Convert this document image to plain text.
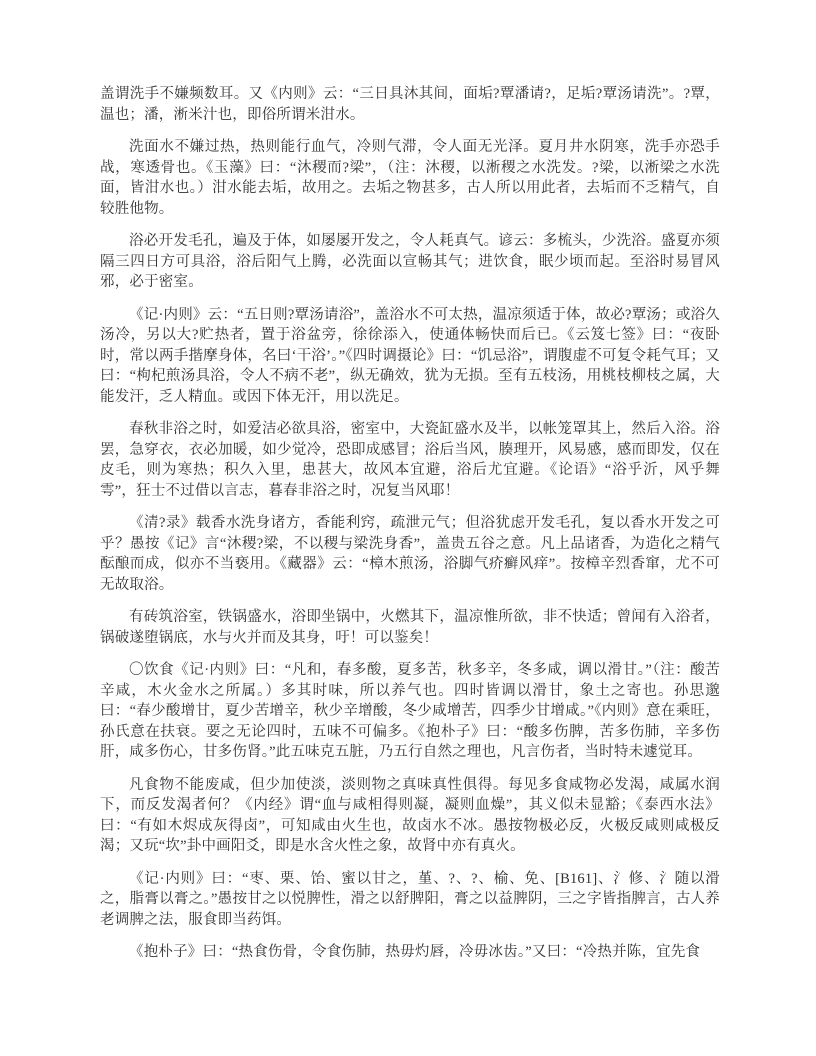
盖谓洗手不嫌频数耳。又《内则》云：“三日具沐其间，面垢?覃潘请?，足垢?覃汤请洗”。?覃，温也；潘，淅米汁也，即俗所谓米泔水。

洗面水不嫌过热，热则能行血气，冷则气滞，令人面无光泽。夏月井水阴寒，洗手亦恐手战，寒透骨也。《玉藻》曰：“沐稷而?梁”，（注：沐稷，以淅稷之水洗发。?梁，以淅梁之水洗面，皆泔水也。）泔水能去垢，故用之。去垢之物甚多，古人所以用此者，去垢而不乏精气，自较胜他物。

浴必开发毛孔，遍及于体，如屡屡开发之，令人耗真气。谚云：多梳头，少洗浴。盛夏亦须隔三四日方可具浴，浴后阳气上腾，必洗面以宣畅其气；进饮食，眠少顷而起。至浴时易冒风邪，必于密室。

《记·内则》云：“五日则?覃汤请浴”，盖浴水不可太热，温凉须适于体，故必?覃汤；或浴久汤冷，另以大?贮热者，置于浴盆旁，徐徐添入，使通体畅快而后已。《云笈七签》曰：“夜卧时，常以两手揩摩身体，名曰‘干浴’。”《四时调摄论》曰：“饥忌浴”，谓腹虚不可复令耗气耳；又曰：“枸杞煎汤具浴，令人不病不老”，纵无确效，犹为无损。至有五枝汤，用桃枝柳枝之属，大能发汗，乏人精血。或因下体无汗，用以洗足。

春秋非浴之时，如爱洁必欲具浴，密室中，大瓷缸盛水及半，以帐笼罩其上，然后入浴。浴罢，急穿衣，衣必加暖，如少觉冷，恐即成感冒；浴后当风，腠理开，风易感，感而即发，仅在皮毛，则为寒热；积久入里，患甚大，故风本宜避，浴后尤宜避。《论语》“浴乎沂，风乎舞雩”，狂士不过借以言志，暮春非浴之时，况复当风耶！

《清?录》载香水洗身诸方，香能利窍，疏泄元气；但浴犹虑开发毛孔，复以香水开发之可乎？愚按《记》言“沐稷?梁，不以稷与梁洗身香”，盖贵五谷之意。凡上品诸香，为造化之精气酝酿而成，似亦不当亵用。《藏器》云：“樟木煎汤，浴脚气疥癣风痒”。按樟辛烈香窜，尤不可无故取浴。

有砖筑浴室，铁锅盛水，浴即坐锅中，火燃其下，温凉惟所欲，非不快适；曾闻有入浴者，锅破遂堕锅底，水与火并而及其身，吁！可以鉴矣！

〇饮食《记·内则》曰：“凡和，春多酸，夏多苦，秋多辛，冬多咸，调以滑甘。”（注：酸苦辛咸，木火金水之所属。）多其时味，所以养气也。四时皆调以滑甘，象土之寄也。孙思邈曰：“春少酸增甘，夏少苦增辛，秋少辛增酸，冬少咸增苦，四季少甘增咸。”《内则》意在乘旺，孙氏意在扶衰。要之无论四时，五味不可偏多。《抱朴子》曰：“酸多伤脾，苦多伤肺，辛多伤肝，咸多伤心，甘多伤肾。”此五味克五脏，乃五行自然之理也，凡言伤者，当时特未遽觉耳。

凡食物不能废咸，但少加使淡，淡则物之真味真性俱得。每见多食咸物必发渴，咸属水润下，而反发渴者何？《内经》谓“血与咸相得则凝，凝则血燥”，其义似未显豁；《泰西水法》曰：“有如木烬成灰得卤”，可知咸由火生也，故卤水不冰。愚按物极必反，火极反咸则咸极反渴；又玩“坎”卦中画阳爻，即是水含火性之象，故肾中亦有真火。

《记·内则》曰：“枣、栗、饴、蜜以甘之，堇、?、?、榆、免、[B161]、氵修、氵随以滑之，脂膏以膏之。”愚按甘之以悦脾性，滑之以舒脾阳，膏之以益脾阴，三之字皆指脾言，古人养老调脾之法，服食即当药饵。

《抱朴子》曰：“热食伤骨，令食伤肺，热毋灼唇，冷毋冰齿。”又曰：“冷热并陈，宜先食
